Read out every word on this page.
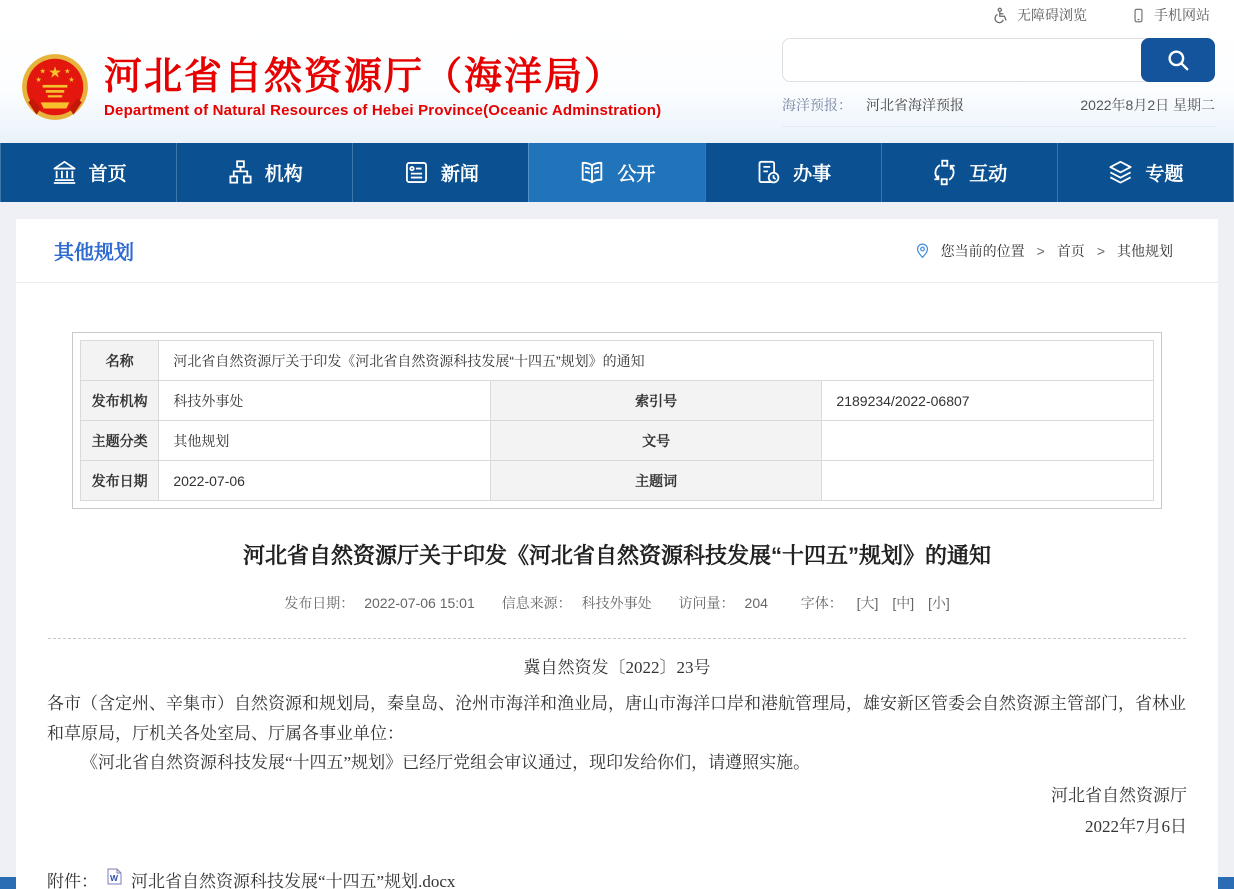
无障碍浏览	手机网站
★
★	★
★	★ 河北省自然资源厅（海洋局）
Department of Natural Resources of Hebei Province(Oceanic Adminstration)	海洋预报： 河北省海洋预报	2022年8月2日 星期二
首页	机构	新闻	公开	办事	互动	专题
其他规划	您当前的位置 > 首页 > 其他规划
名称	河北省自然资源厅关于印发《河北省自然资源科技发展“十四五”规划》的通知		
发布机构	科技外事处	索引号	2189234/2022-06807
主题分类	其他规划	文号	
发布日期	2022-07-06	主题词	
河北省自然资源厅关于印发《河北省自然资源科技发展“十四五”规划》的通知
发布日期： 2022-07-06 15:01 信息来源： 科技外事处 访问量： 204 字体： [大] [中] [小]
冀自然资发〔2022〕23号

各市（含定州、辛集市）自然资源和规划局，秦皇岛、沧州市海洋和渔业局，唐山市海洋口岸和港航管理局，雄安新区管委会自然资源主管部门，省林业和草原局，厅机关各处室局、厅属各事业单位：

《河北省自然资源科技发展“十四五”规划》已经厅党组会审议通过，现印发给你们，请遵照实施。

河北省自然资源厅
2022年7月6日
附件： W 河北省自然资源科技发展“十四五”规划.docx
